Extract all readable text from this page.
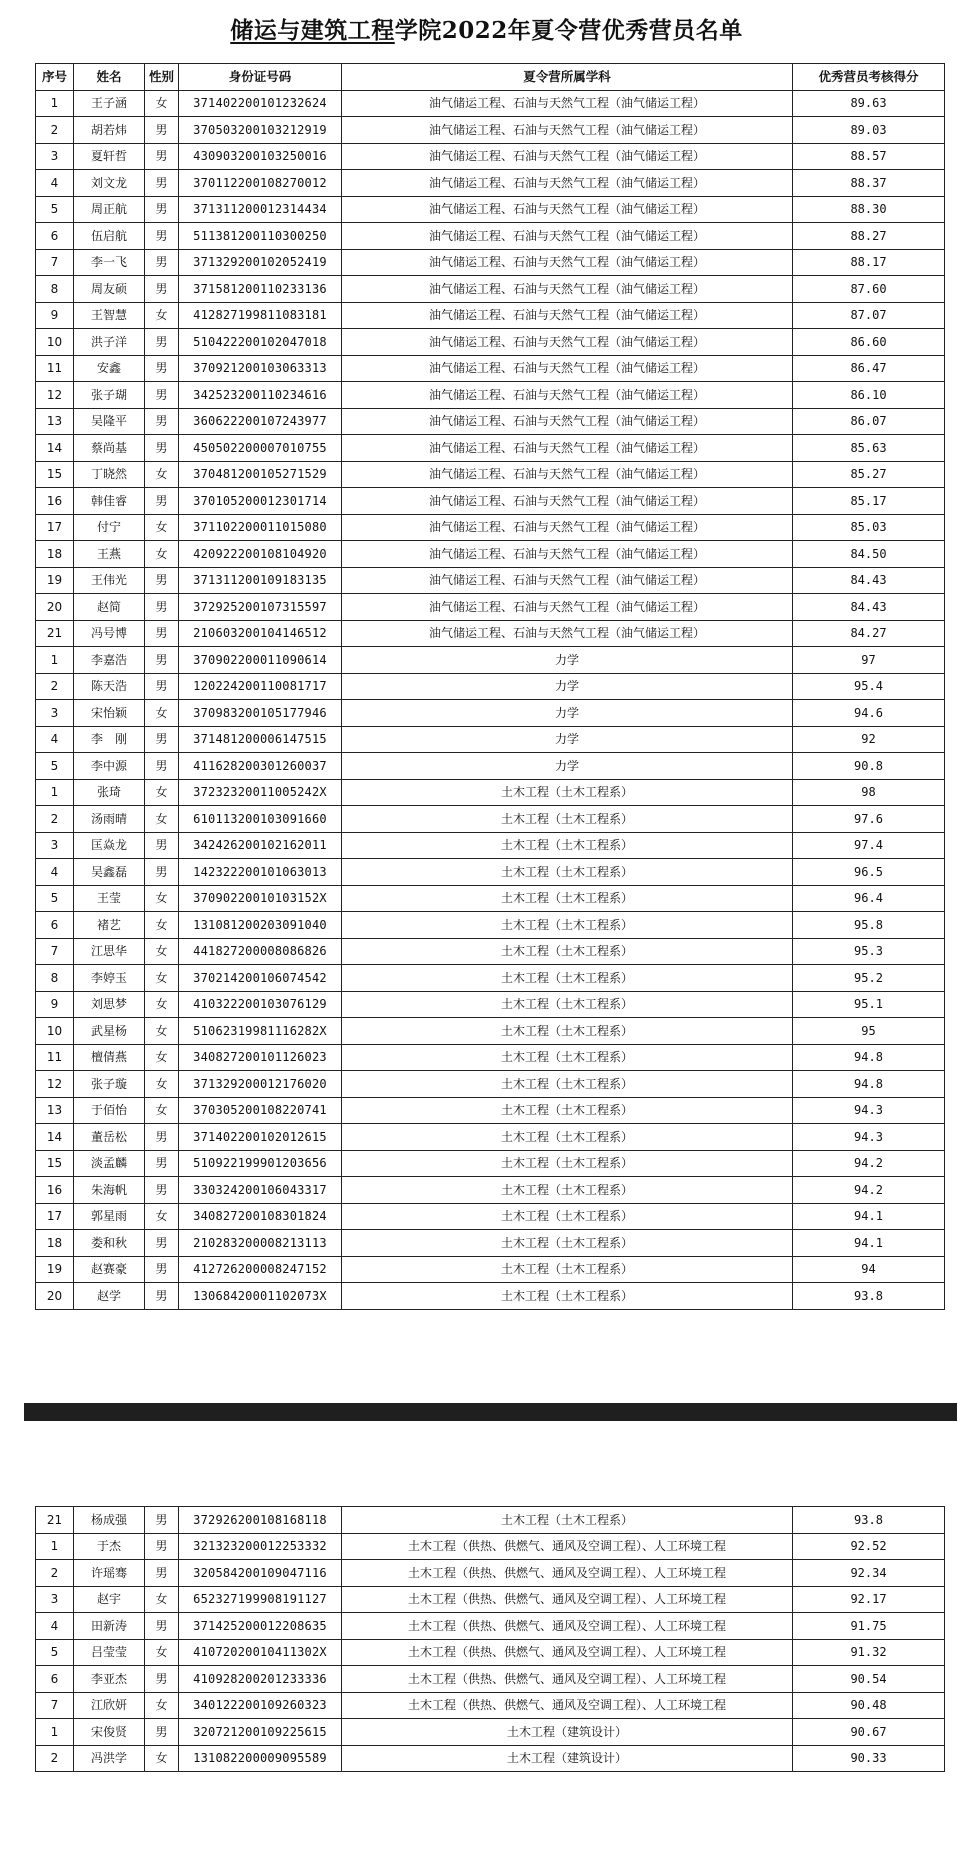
储运与建筑工程学院2022年夏令营优秀营员名单
序号	姓名	性别	身份证号码	夏令营所属学科	优秀营员考核得分
1	王子涵	女	371402200101232624	油气储运工程、石油与天然气工程（油气储运工程）	89.63
2	胡若炜	男	370503200103212919	油气储运工程、石油与天然气工程（油气储运工程）	89.03
3	夏轩哲	男	430903200103250016	油气储运工程、石油与天然气工程（油气储运工程）	88.57
4	刘文龙	男	370112200108270012	油气储运工程、石油与天然气工程（油气储运工程）	88.37
5	周正航	男	371311200012314434	油气储运工程、石油与天然气工程（油气储运工程）	88.30
6	伍启航	男	511381200110300250	油气储运工程、石油与天然气工程（油气储运工程）	88.27
7	李一飞	男	371329200102052419	油气储运工程、石油与天然气工程（油气储运工程）	88.17
8	周友硕	男	371581200110233136	油气储运工程、石油与天然气工程（油气储运工程）	87.60
9	王智慧	女	412827199811083181	油气储运工程、石油与天然气工程（油气储运工程）	87.07
10	洪子洋	男	510422200102047018	油气储运工程、石油与天然气工程（油气储运工程）	86.60
11	安鑫	男	370921200103063313	油气储运工程、石油与天然气工程（油气储运工程）	86.47
12	张子瑚	男	342523200110234616	油气储运工程、石油与天然气工程（油气储运工程）	86.10
13	吴隆平	男	360622200107243977	油气储运工程、石油与天然气工程（油气储运工程）	86.07
14	蔡尚基	男	450502200007010755	油气储运工程、石油与天然气工程（油气储运工程）	85.63
15	丁晓然	女	370481200105271529	油气储运工程、石油与天然气工程（油气储运工程）	85.27
16	韩佳睿	男	370105200012301714	油气储运工程、石油与天然气工程（油气储运工程）	85.17
17	付宁	女	371102200011015080	油气储运工程、石油与天然气工程（油气储运工程）	85.03
18	王燕	女	420922200108104920	油气储运工程、石油与天然气工程（油气储运工程）	84.50
19	王伟光	男	371311200109183135	油气储运工程、石油与天然气工程（油气储运工程）	84.43
20	赵简	男	372925200107315597	油气储运工程、石油与天然气工程（油气储运工程）	84.43
21	冯号博	男	210603200104146512	油气储运工程、石油与天然气工程（油气储运工程）	84.27
1	李嘉浩	男	370902200011090614	力学	97
2	陈天浩	男	120224200110081717	力学	95.4
3	宋怡颖	女	370983200105177946	力学	94.6
4	李　刚	男	371481200006147515	力学	92
5	李中源	男	411628200301260037	力学	90.8
1	张琦	女	37232320011005242X	土木工程（土木工程系）	98
2	汤雨晴	女	610113200103091660	土木工程（土木工程系）	97.6
3	匡焱龙	男	342426200102162011	土木工程（土木工程系）	97.4
4	吴鑫磊	男	142322200101063013	土木工程（土木工程系）	96.5
5	王莹	女	37090220010103152X	土木工程（土木工程系）	96.4
6	褚艺	女	131081200203091040	土木工程（土木工程系）	95.8
7	江思华	女	441827200008086826	土木工程（土木工程系）	95.3
8	李婷玉	女	370214200106074542	土木工程（土木工程系）	95.2
9	刘思梦	女	410322200103076129	土木工程（土木工程系）	95.1
10	武星杨	女	51062319981116282X	土木工程（土木工程系）	95
11	檀倩燕	女	340827200101126023	土木工程（土木工程系）	94.8
12	张子璇	女	371329200012176020	土木工程（土木工程系）	94.8
13	于佰怡	女	370305200108220741	土木工程（土木工程系）	94.3
14	董岳松	男	371402200102012615	土木工程（土木工程系）	94.3
15	淡孟麟	男	510922199901203656	土木工程（土木工程系）	94.2
16	朱海帆	男	330324200106043317	土木工程（土木工程系）	94.2
17	郭星雨	女	340827200108301824	土木工程（土木工程系）	94.1
18	娄和秋	男	210283200008213113	土木工程（土木工程系）	94.1
19	赵赛豪	男	412726200008247152	土木工程（土木工程系）	94
20	赵学	男	13068420001102073X	土木工程（土木工程系）	93.8
21	杨成强	男	372926200108168118	土木工程（土木工程系）	93.8
1	于杰	男	321323200012253332	土木工程（供热、供燃气、通风及空调工程）、人工环境工程	92.52
2	许瑶骞	男	320584200109047116	土木工程（供热、供燃气、通风及空调工程）、人工环境工程	92.34
3	赵宇	女	652327199908191127	土木工程（供热、供燃气、通风及空调工程）、人工环境工程	92.17
4	田新涛	男	371425200012208635	土木工程（供热、供燃气、通风及空调工程）、人工环境工程	91.75
5	吕莹莹	女	41072020010411302X	土木工程（供热、供燃气、通风及空调工程）、人工环境工程	91.32
6	李亚杰	男	410928200201233336	土木工程（供热、供燃气、通风及空调工程）、人工环境工程	90.54
7	江欣妍	女	340122200109260323	土木工程（供热、供燃气、通风及空调工程）、人工环境工程	90.48
1	宋俊贤	男	320721200109225615	土木工程（建筑设计）	90.67
2	冯洪学	女	131082200009095589	土木工程（建筑设计）	90.33
